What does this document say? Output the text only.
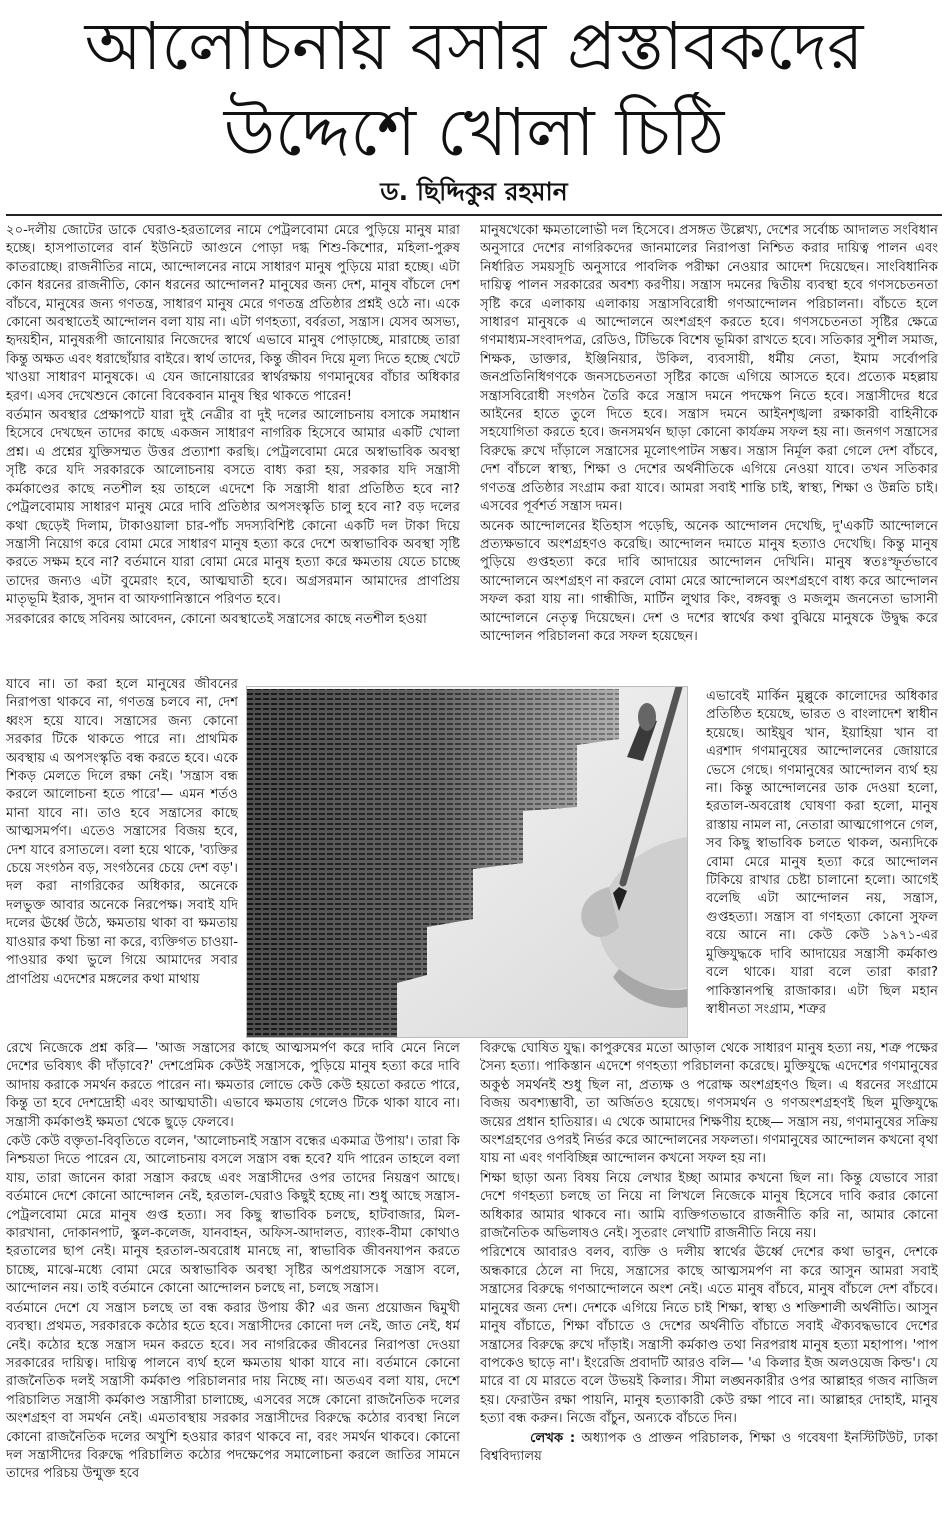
আলোচনায় বসার প্রস্তাবকদের
উদ্দেশে খোলা চিঠি
ড. ছিদ্দিকুর রহমান

২০-দলীয় জোটের ডাকে ঘেরাও-হরতালের নামে পেট্রলবোমা মেরে পুড়িয়ে মানুষ মারা হচ্ছে। হাসপাতালের বার্ন ইউনিটে আগুনে পোড়া দগ্ধ শিশু-কিশোর, মহিলা-পুরুষ কাতরাচ্ছে। রাজনীতির নামে, আন্দোলনের নামে সাধারণ মানুষ পুড়িয়ে মারা হচ্ছে। এটা কোন ধরনের রাজনীতি, কোন ধরনের আন্দোলন? মানুষের জন্য দেশ, মানুষ বাঁচলে দেশ বাঁচবে, মানুষের জন্য গণতন্ত্র, সাধারণ মানুষ মেরে গণতন্ত্র প্রতিষ্ঠার প্রশ্নই ওঠে না। একে কোনো অবস্থাতেই আন্দোলন বলা যায় না। এটা গণহত্যা, বর্বরতা, সন্ত্রাস। যেসব অসভ্য, হৃদয়হীন, মানুষরূপী জানোয়ার নিজেদের স্বার্থে এভাবে মানুষ পোড়াচ্ছে, মারাচ্ছে তারা কিন্তু অক্ষত এবং ধরাছোঁয়ার বাইরে। স্বার্থ তাদের, কিন্তু জীবন দিয়ে মূল্য দিতে হচ্ছে খেটে খাওয়া সাধারণ মানুষকে। এ যেন জানোয়ারের স্বার্থরক্ষায় গণমানুষের বাঁচার অধিকার হরণ। এসব দেখেশুনে কোনো বিবেকবান মানুষ স্থির থাকতে পারেন!

বর্তমান অবস্থার প্রেক্ষাপটে যারা দুই নেত্রীর বা দুই দলের আলোচনায় বসাকে সমাধান হিসেবে দেখছেন তাদের কাছে একজন সাধারণ নাগরিক হিসেবে আমার একটি খোলা প্রশ্ন। এ প্রশ্নের যুক্তিসম্মত উত্তর প্রত্যাশা করছি। পেট্রলবোমা মেরে অস্বাভাবিক অবস্থা সৃষ্টি করে যদি সরকারকে আলোচনায় বসতে বাধ্য করা হয়, সরকার যদি সন্ত্রাসী কর্মকাণ্ডের কাছে নতশীল হয় তাহলে এদেশে কি সন্ত্রাসী ধারা প্রতিষ্ঠিত হবে না? পেট্রলবোমায় সাধারণ মানুষ মেরে দাবি প্রতিষ্ঠার অপসংস্কৃতি চালু হবে না? বড় দলের কথা ছেড়েই দিলাম, টাকাওয়ালা চার-পাঁচ সদস্যবিশিষ্ট কোনো একটি দল টাকা দিয়ে সন্ত্রাসী নিয়োগ করে বোমা মেরে সাধারণ মানুষ হত্যা করে দেশে অস্বাভাবিক অবস্থা সৃষ্টি করতে সক্ষম হবে না? বর্তমানে যারা বোমা মেরে মানুষ হত্যা করে ক্ষমতায় যেতে চাচ্ছে তাদের জন্যও এটা বুমেরাং হবে, আত্মঘাতী হবে। অগ্রসরমান আমাদের প্রাণপ্রিয় মাতৃভূমি ইরাক, সুদান বা আফগানিস্তানে পরিণত হবে।

সরকারের কাছে সবিনয় আবেদন, কোনো অবস্থাতেই সন্ত্রাসের কাছে নতশীল হওয়া

মানুষখেকো ক্ষমতালোভী দল হিসেবে। প্রসঙ্গত উল্লেখ্য, দেশের সর্বোচ্চ আদালত সংবিধান অনুসারে দেশের নাগরিকদের জানমালের নিরাপত্তা নিশ্চিত করার দায়িত্ব পালন এবং নির্ধারিত সময়সূচি অনুসারে পাবলিক পরীক্ষা নেওয়ার আদেশ দিয়েছেন। সাংবিধানিক দায়িত্ব পালন সরকারের অবশ্য করণীয়। সন্ত্রাস দমনের দ্বিতীয় ব্যবস্থা হবে গণসচেতনতা সৃষ্টি করে এলাকায় এলাকায় সন্ত্রাসবিরোধী গণআন্দোলন পরিচালনা। বাঁচতে হলে সাধারণ মানুষকে এ আন্দোলনে অংশগ্রহণ করতে হবে। গণসচেতনতা সৃষ্টির ক্ষেত্রে গণমাধ্যম-সংবাদপত্র, রেডিও, টিভিকে বিশেষ ভূমিকা রাখতে হবে। সতিকার সুশীল সমাজ, শিক্ষক, ডাক্তার, ইঞ্জিনিয়ার, উকিল, ব্যবসায়ী, ধর্মীয় নেতা, ইমাম সর্বোপরি জনপ্রতিনিধিগণকে জনসচেতনতা সৃষ্টির কাজে এগিয়ে আসতে হবে। প্রত্যেক মহল্লায় সন্ত্রাসবিরোধী সংগঠন তৈরি করে সন্ত্রাস দমনে পদক্ষেপ নিতে হবে। সন্ত্রাসীদের ধরে আইনের হাতে তুলে দিতে হবে। সন্ত্রাস দমনে আইনশৃঙ্খলা রক্ষাকারী বাহিনীকে সহযোগিতা করতে হবে। জনসমর্থন ছাড়া কোনো কার্যক্রম সফল হয় না। জনগণ সন্ত্রাসের বিরুদ্ধে রুখে দাঁড়ালে সন্ত্রাসের মূলোৎপাটন সম্ভব। সন্ত্রাস নির্মূল করা গেলে দেশ বাঁচবে, দেশ বাঁচলে স্বাস্থ্য, শিক্ষা ও দেশের অর্থনীতিকে এগিয়ে নেওয়া যাবে। তখন সতিকার গণতন্ত্র প্রতিষ্ঠার সংগ্রাম করা যাবে। আমরা সবাই শান্তি চাই, স্বাস্থ্য, শিক্ষা ও উন্নতি চাই। এসবের পূর্বশর্ত সন্ত্রাস দমন।

অনেক আন্দোলনের ইতিহাস পড়েছি, অনেক আন্দোলন দেখেছি, দু'একটি আন্দোলনে প্রত্যক্ষভাবে অংশগ্রহণও করেছি। আন্দোলন দমাতে মানুষ হত্যাও দেখেছি। কিন্তু মানুষ পুড়িয়ে গুপ্তহত্যা করে দাবি আদায়ের আন্দোলন দেখিনি। মানুষ স্বতঃস্ফূর্তভাবে আন্দোলনে অংশগ্রহণ না করলে বোমা মেরে আন্দোলনে অংশগ্রহণে বাধ্য করে আন্দোলন সফল করা যায় না। গান্ধীজি, মার্টিন লুথার কিং, বঙ্গবন্ধু ও মজলুম জননেতা ভাসানী আন্দোলনে নেতৃত্ব দিয়েছেন। দেশ ও দশের স্বার্থের কথা বুঝিয়ে মানুষকে উদ্বুদ্ধ করে আন্দোলন পরিচালনা করে সফল হয়েছেন।

যাবে না। তা করা হলে মানুষের জীবনের নিরাপত্তা থাকবে না, গণতন্ত্র চলবে না, দেশ ধ্বংস হয়ে যাবে। সন্ত্রাসের জন্য কোনো সরকার টিকে থাকতে পারে না। প্রাথমিক অবস্থায় এ অপসংস্কৃতি বন্ধ করতে হবে। একে শিকড় মেলতে দিলে রক্ষা নেই। 'সন্ত্রাস বন্ধ করলে আলোচনা হতে পারে'— এমন শর্তও মানা যাবে না। তাও হবে সন্ত্রাসের কাছে আত্মসমর্পণ। এতেও সন্ত্রাসের বিজয় হবে, দেশ যাবে রসাতলে। বলা হয়ে থাকে, 'ব্যক্তির চেয়ে সংগঠন বড়, সংগঠনের চেয়ে দেশ বড়'। দল করা নাগরিকের অধিকার, অনেকে দলভুক্ত আবার অনেকে নিরপেক্ষ। সবাই যদি দলের ঊর্ধ্বে উঠে, ক্ষমতায় থাকা বা ক্ষমতায় যাওয়ার কথা চিন্তা না করে, ব্যক্তিগত চাওয়া-পাওয়ার কথা ভুলে গিয়ে আমাদের সবার প্রাণপ্রিয় এদেশের মঙ্গলের কথা মাথায়

এভাবেই মার্কিন মুল্লুকে কালোদের অধিকার প্রতিষ্ঠিত হয়েছে, ভারত ও বাংলাদেশ স্বাধীন হয়েছে। আইয়ুব খান, ইয়াহিয়া খান বা এরশাদ গণমানুষের আন্দোলনের জোয়ারে ভেসে গেছে। গণমানুষের আন্দোলন ব্যর্থ হয় না। কিন্তু আন্দোলনের ডাক দেওয়া হলো, হরতাল-অবরোধ ঘোষণা করা হলো, মানুষ রাস্তায় নামল না, নেতারা আত্মগোপনে গেল, সব কিছু স্বাভাবিক চলতে থাকল, অন্যদিকে বোমা মেরে মানুষ হত্যা করে আন্দোলন টিকিয়ে রাখার চেষ্টা চালানো হলো। আগেই বলেছি এটা আন্দোলন নয়, সন্ত্রাস, গুপ্তহত্যা। সন্ত্রাস বা গণহত্যা কোনো সুফল বয়ে আনে না। কেউ কেউ ১৯৭১-এর মুক্তিযুদ্ধকে দাবি আদায়ের সন্ত্রাসী কর্মকাণ্ড বলে থাকে। যারা বলে তারা কারা? পাকিস্তানপন্থি রাজাকার। এটা ছিল মহান স্বাধীনতা সংগ্রাম, শত্রুর

রেখে নিজেকে প্রশ্ন করি— 'আজ সন্ত্রাসের কাছে আত্মসমর্পণ করে দাবি মেনে নিলে দেশের ভবিষ্যৎ কী দাঁড়াবে?' দেশপ্রেমিক কেউই সন্ত্রাসকে, পুড়িয়ে মানুষ হত্যা করে দাবি আদায় করাকে সমর্থন করতে পারেন না। ক্ষমতার লোভে কেউ কেউ হয়তো করতে পারে, কিন্তু তা হবে দেশদ্রোহী এবং আত্মঘাতী। এভাবে ক্ষমতায় গেলেও টিকে থাকা যাবে না। সন্ত্রাসী কর্মকাণ্ডই ক্ষমতা থেকে ছুড়ে ফেলবে।

কেউ কেউ বক্তৃতা-বিবৃতিতে বলেন, 'আলোচনাই সন্ত্রাস বন্ধের একমাত্র উপায়'। তারা কি নিশ্চয়তা দিতে পারেন যে, আলোচনায় বসলে সন্ত্রাস বন্ধ হবে? যদি পারেন তাহলে বলা যায়, তারা জানেন কারা সন্ত্রাস করছে এবং সন্ত্রাসীদের ওপর তাদের নিয়ন্ত্রণ আছে। বর্তমানে দেশে কোনো আন্দোলন নেই, হরতাল-ঘেরাও কিছুই হচ্ছে না। শুধু আছে সন্ত্রাস-পেট্রলবোমা মেরে মানুষ গুপ্ত হত্যা। সব কিছু স্বাভাবিক চলছে, হাটবাজার, মিল-কারখানা, দোকানপাট, স্কুল-কলেজ, যানবাহন, অফিস-আদালত, ব্যাংক-বীমা কোথাও হরতালের ছাপ নেই। মানুষ হরতাল-অবরোধ মানছে না, স্বাভাবিক জীবনযাপন করতে চাচ্ছে, মাঝে-মধ্যে বোমা মেরে অস্বাভাবিক অবস্থা সৃষ্টির অপপ্রয়াসকে সন্ত্রাস বলে, আন্দোলন নয়। তাই বর্তমানে কোনো আন্দোলন চলছে না, চলছে সন্ত্রাস।

বর্তমানে দেশে যে সন্ত্রাস চলছে তা বন্ধ করার উপায় কী? এর জন্য প্রয়োজন দ্বিমুখী ব্যবস্থা। প্রথমত, সরকারকে কঠোর হতে হবে। সন্ত্রাসীদের কোনো দল নেই, জাত নেই, ধর্ম নেই। কঠোর হস্তে সন্ত্রাস দমন করতে হবে। সব নাগরিকের জীবনের নিরাপত্তা দেওয়া সরকারের দায়িত্ব। দায়িত্ব পালনে ব্যর্থ হলে ক্ষমতায় থাকা যাবে না। বর্তমানে কোনো রাজনৈতিক দলই সন্ত্রাসী কর্মকাণ্ড পরিচালনার দায় নিচ্ছে না। অতএব বলা যায়, দেশে পরিচালিত সন্ত্রাসী কর্মকাণ্ড সন্ত্রাসীরা চালাচ্ছে, এসবের সঙ্গে কোনো রাজনৈতিক দলের অংশগ্রহণ বা সমর্থন নেই। এমতাবস্থায় সরকার সন্ত্রাসীদের বিরুদ্ধে কঠোর ব্যবস্থা নিলে কোনো রাজনৈতিক দলের অখুশি হওয়ার কারণ থাকবে না, বরং সমর্থন থাকবে। কোনো দল সন্ত্রাসীদের বিরুদ্ধে পরিচালিত কঠোর পদক্ষেপের সমালোচনা করলে জাতির সামনে তাদের পরিচয় উন্মুক্ত হবে

বিরুদ্ধে ঘোষিত যুদ্ধ। কাপুরুষের মতো আড়াল থেকে সাধারণ মানুষ হত্যা নয়, শত্রু পক্ষের সৈন্য হত্যা। পাকিস্তান এদেশে গণহত্যা পরিচালনা করেছে। মুক্তিযুদ্ধে এদেশের গণমানুষের অকুণ্ঠ সমর্থনই শুধু ছিল না, প্রত্যক্ষ ও পরোক্ষ অংশগ্রহণও ছিল। এ ধরনের সংগ্রামে বিজয় অবশ্যম্ভাবী, তা অর্জিতও হয়েছে। গণসমর্থন ও গণঅংশগ্রহণই ছিল মুক্তিযুদ্ধে জয়ের প্রধান হাতিয়ার। এ থেকে আমাদের শিক্ষণীয় হচ্ছে— সন্ত্রাস নয়, গণমানুষের সক্রিয় অংশগ্রহণের ওপরই নির্ভর করে আন্দোলনের সফলতা। গণমানুষের আন্দোলন কখনো বৃথা যায় না এবং গণবিচ্ছিন্ন আন্দোলন কখনো সফল হয় না।

শিক্ষা ছাড়া অন্য বিষয় নিয়ে লেখার ইচ্ছা আমার কখনো ছিল না। কিন্তু যেভাবে সারা দেশে গণহত্যা চলছে তা নিয়ে না লিখলে নিজেকে মানুষ হিসেবে দাবি করার কোনো অধিকার আমার থাকবে না। আমি ব্যক্তিগতভাবে রাজনীতি করি না, আমার কোনো রাজনৈতিক অভিলাষও নেই। সুতরাং লেখাটি রাজনীতি নিয়ে নয়।

পরিশেষে আবারও বলব, ব্যক্তি ও দলীয় স্বার্থের ঊর্ধ্বে দেশের কথা ভাবুন, দেশকে অন্ধকারে ঠেলে না দিয়ে, সন্ত্রাসের কাছে আত্মসমর্পণ না করে আসুন আমরা সবাই সন্ত্রাসের বিরুদ্ধে গণআন্দোলনে অংশ নেই। এতে মানুষ বাঁচবে, মানুষ বাঁচলে দেশ বাঁচবে। মানুষের জন্য দেশ। দেশকে এগিয়ে নিতে চাই শিক্ষা, স্বাস্থ্য ও শক্তিশালী অর্থনীতি। আসুন মানুষ বাঁচাতে, শিক্ষা বাঁচাতে ও দেশের অর্থনীতি বাঁচাতে সবাই ঐক্যবদ্ধভাবে দেশের সন্ত্রাসের বিরুদ্ধে রুখে দাঁড়াই। সন্ত্রাসী কর্মকাণ্ড তথা নিরপরাধ মানুষ হত্যা মহাপাপ। 'পাপ বাপকেও ছাড়ে না'। ইংরেজি প্রবাদটি আরও বলি— 'এ কিলার ইজ অলওয়েজ কিল্ড'। যে মারে বা যে মারতে বলে উভয়ই কিলার। সীমা লঙ্ঘনকারীর ওপর আল্লাহর গজব নাজিল হয়। ফেরাউন রক্ষা পায়নি, মানুষ হত্যাকারী কেউ রক্ষা পাবে না। আল্লাহর দোহাই, মানুষ হত্যা বন্ধ করুন। নিজে বাঁচুন, অন্যকে বাঁচতে দিন।

লেখক : অধ্যাপক ও প্রাক্তন পরিচালক, শিক্ষা ও গবেষণা ইনস্টিটিউট, ঢাকা বিশ্ববিদ্যালয়
